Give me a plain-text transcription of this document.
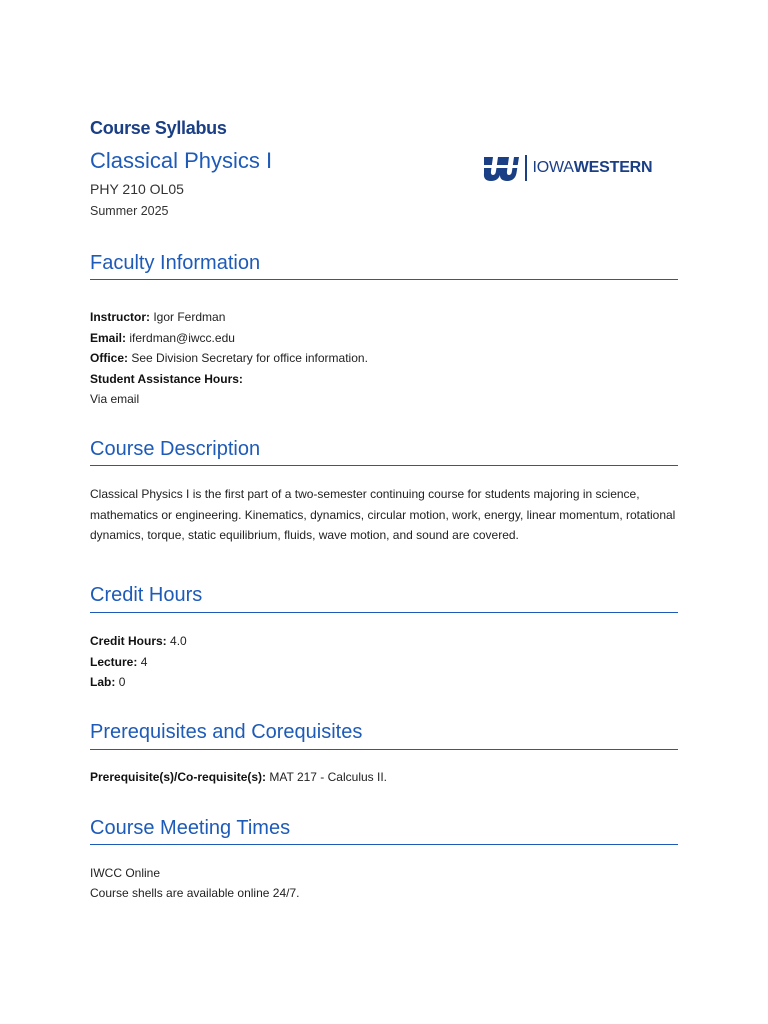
Course Syllabus
Classical Physics I
PHY 210 OL05
Summer 2025
IOWAWESTERN
Faculty Information
Instructor: Igor Ferdman
Email: iferdman@iwcc.edu
Office: See Division Secretary for office information.
Student Assistance Hours:
Via email
Course Description
Classical Physics I is the first part of a two-semester continuing course for students majoring in science, mathematics or engineering. Kinematics, dynamics, circular motion, work, energy, linear momentum, rotational dynamics, torque, static equilibrium, fluids, wave motion, and sound are covered.
Credit Hours
Credit Hours: 4.0
Lecture: 4
Lab: 0
Prerequisites and Corequisites
Prerequisite(s)/Co-requisite(s): MAT 217 - Calculus II.
Course Meeting Times
IWCC Online
Course shells are available online 24/7.
